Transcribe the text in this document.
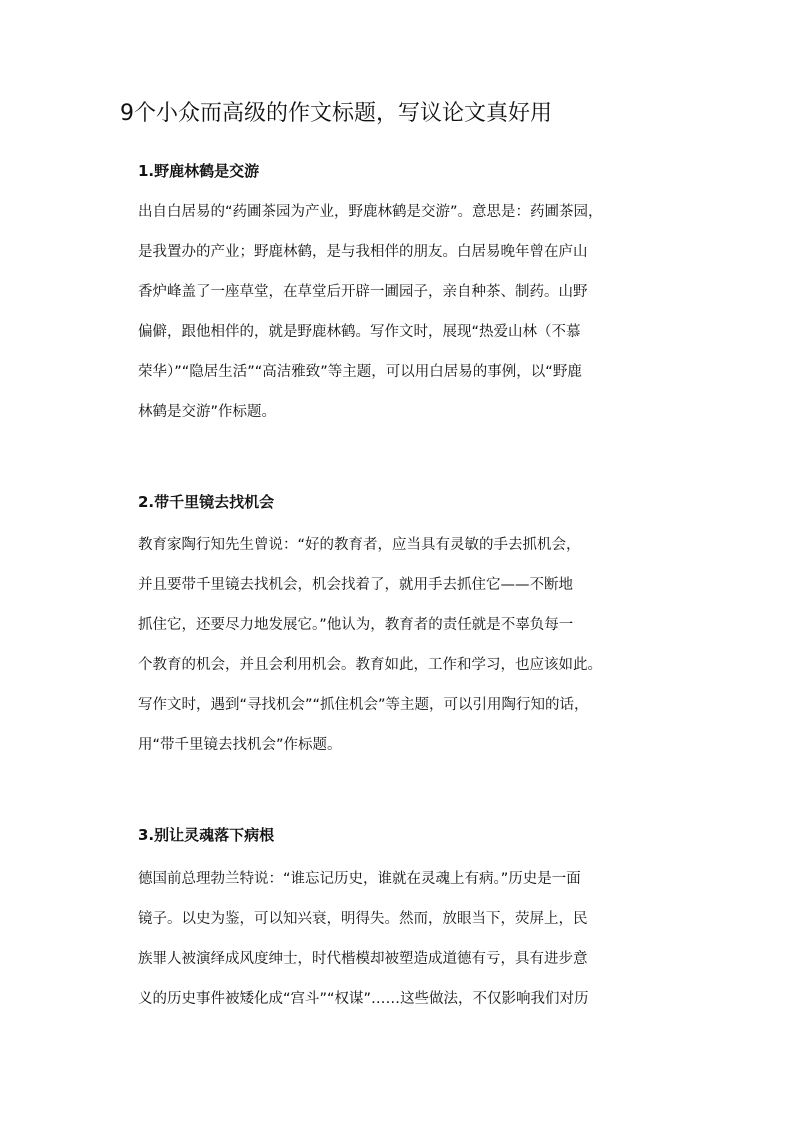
9个小众而高级的作文标题，写议论文真好用
1.野鹿林鹤是交游

出自白居易的“药圃茶园为产业，野鹿林鹤是交游”。意思是：药圃茶园，

是我置办的产业；野鹿林鹤，是与我相伴的朋友。白居易晚年曾在庐山

香炉峰盖了一座草堂，在草堂后开辟一圃园子，亲自种茶、制药。山野

偏僻，跟他相伴的，就是野鹿林鹤。写作文时，展现“热爱山林（不慕

荣华）”“隐居生活”“高洁雅致”等主题，可以用白居易的事例，以“野鹿

林鹤是交游”作标题。

2.带千里镜去找机会

教育家陶行知先生曾说：“好的教育者，应当具有灵敏的手去抓机会，

并且要带千里镜去找机会，机会找着了，就用手去抓住它——不断地

抓住它，还要尽力地发展它。”他认为，教育者的责任就是不辜负每一

个教育的机会，并且会利用机会。教育如此，工作和学习，也应该如此。

写作文时，遇到“寻找机会”“抓住机会”等主题，可以引用陶行知的话，

用“带千里镜去找机会”作标题。

3.别让灵魂落下病根

德国前总理勃兰特说：“谁忘记历史，谁就在灵魂上有病。”历史是一面

镜子。以史为鉴，可以知兴衰，明得失。然而，放眼当下，荧屏上，民

族罪人被演绎成风度绅士，时代楷模却被塑造成道德有亏，具有进步意

义的历史事件被矮化成“宫斗”“权谋”……这些做法，不仅影响我们对历
